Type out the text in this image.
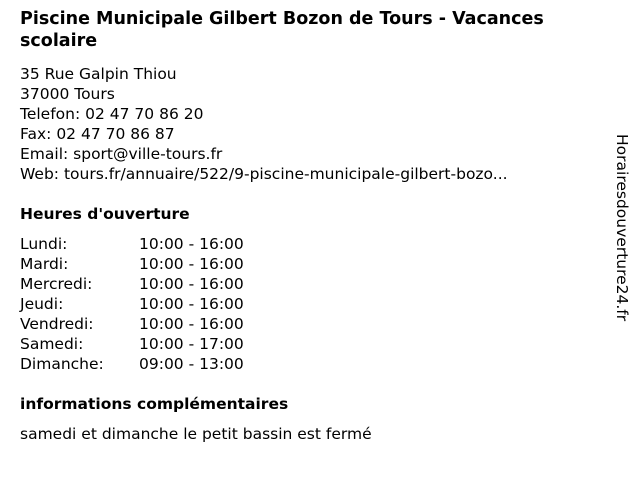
Piscine Municipale Gilbert Bozon de Tours - Vacances scolaire
35 Rue Galpin Thiou
37000 Tours
Telefon: 02 47 70 86 20
Fax: 02 47 70 86 87
Email: sport@ville-tours.fr
Web: tours.fr/annuaire/522/9-piscine-municipale-gilbert-bozo...
Heures d'ouverture
Lundi:	10:00 - 16:00
Mardi:	10:00 - 16:00
Mercredi:	10:00 - 16:00
Jeudi:	10:00 - 16:00
Vendredi:	10:00 - 16:00
Samedi:	10:00 - 17:00
Dimanche:	09:00 - 13:00
informations complémentaires
samedi et dimanche le petit bassin est fermé
Horairesdouverture24.fr
